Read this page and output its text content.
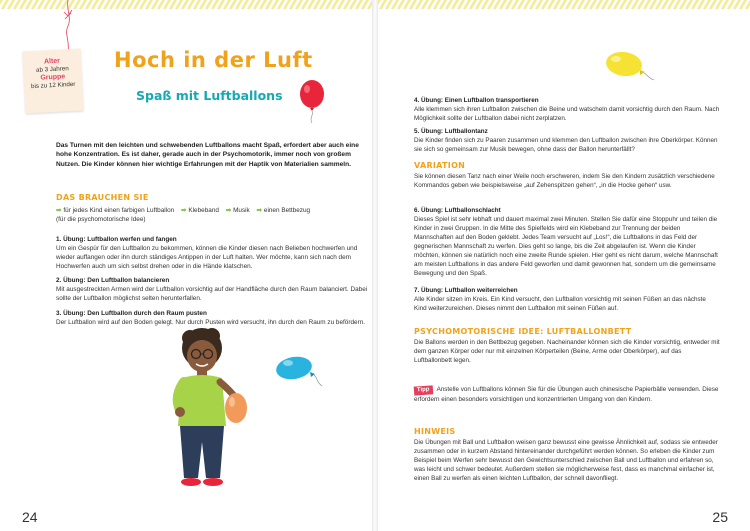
Alter
ab 3 Jahren
Gruppe
bis zu 12 Kinder
Hoch in der Luft
Spaß mit Luftballons
Das Turnen mit den leichten und schwebenden Luftballons macht Spaß, erfordert aber auch eine hohe Konzentration. Es ist daher, gerade auch in der Psychomotorik, immer noch von großem Nutzen. Die Kinder können hier wichtige Erfahrungen mit der Haptik von Materialien sammeln.
DAS BRAUCHEN SIE
➡ für jedes Kind einen farbigen Luftballon ➡ Klebeband ➡ Musik ➡ einen Bettbezug
(für die psychomotorische Idee)
1. Übung: Luftballon werfen und fangen
Um ein Gespür für den Luftballon zu bekommen, können die Kinder diesen nach Belieben hochwerfen und wieder auffangen oder ihn durch ständiges Antippen in der Luft halten. Wer möchte, kann sich nach dem Hochwerfen auch um sich selbst drehen oder in die Hände klatschen.
2. Übung: Den Luftballon balancieren
Mit ausgestreckten Armen wird der Luftballon vorsichtig auf der Handfläche durch den Raum balanciert. Dabei sollte der Luftballon möglichst selten herunterfallen.
3. Übung: Den Luftballon durch den Raum pusten
Der Luftballon wird auf den Boden gelegt. Nur durch Pusten wird versucht, ihn durch den Raum zu befördern.
24
4. Übung: Einen Luftballon transportieren
Alle klemmen sich ihren Luftballon zwischen die Beine und watscheln damit vorsichtig durch den Raum. Nach Möglichkeit sollte der Luftballon dabei nicht zerplatzen.
5. Übung: Luftballontanz
Die Kinder finden sich zu Paaren zusammen und klemmen den Luftballon zwischen ihre Oberkörper. Können sie sich so gemeinsam zur Musik bewegen, ohne dass der Ballon herunterfällt?
VARIATION
Sie können diesen Tanz nach einer Weile noch erschweren, indem Sie den Kindern zusätzlich verschiedene Kommandos geben wie beispielsweise „auf Zehenspitzen gehen“, „in die Hocke gehen“ usw.
6. Übung: Luftballonschlacht
Dieses Spiel ist sehr lebhaft und dauert maximal zwei Minuten. Stellen Sie dafür eine Stoppuhr und teilen die Kinder in zwei Gruppen. In die Mitte des Spielfelds wird ein Klebeband zur Trennung der beiden Mannschaften auf den Boden geklebt. Jedes Team versucht auf „Los!“, die Luftballons in das Feld der gegnerischen Mannschaft zu werfen. Dies geht so lange, bis die Zeit abgelaufen ist. Wenn die Kinder möchten, können sie natürlich noch eine zweite Runde spielen. Hier geht es nicht darum, welche Mannschaft am meisten Luftballons in das andere Feld geworfen und damit gewonnen hat, sondern um die gemeinsame Bewegung und den Spaß.
7. Übung: Luftballon weiterreichen
Alle Kinder sitzen im Kreis. Ein Kind versucht, den Luftballon vorsichtig mit seinen Füßen an das nächste Kind weiterzureichen. Dieses nimmt den Luftballon mit seinen Füßen auf.
PSYCHOMOTORISCHE IDEE: LUFTBALLONBETT
Die Ballons werden in den Bettbezug gegeben. Nacheinander können sich die Kinder vorsichtig, entweder mit dem ganzen Körper oder nur mit einzelnen Körperteilen (Beine, Arme oder Oberkörper), auf das Luftballonbett legen.
Tipp Anstelle von Luftballons können Sie für die Übungen auch chinesische Papierbälle verwenden. Diese erfordern einen besonders vorsichtigen und konzentrierten Umgang von den Kindern.
HINWEIS
Die Übungen mit Ball und Luftballon weisen ganz bewusst eine gewisse Ähnlichkeit auf, sodass sie entweder zusammen oder in kurzem Abstand hintereinander durchgeführt werden können. So erleben die Kinder zum Beispiel beim Werfen sehr bewusst den Gewichtsunterschied zwischen Ball und Luftballon und erfahren so, was leicht und schwer bedeutet. Außerdem stellen sie möglicherweise fest, dass es manchmal einfacher ist, einen Ball zu werfen als einen leichten Luftballon, der schnell davonfliegt.
25
